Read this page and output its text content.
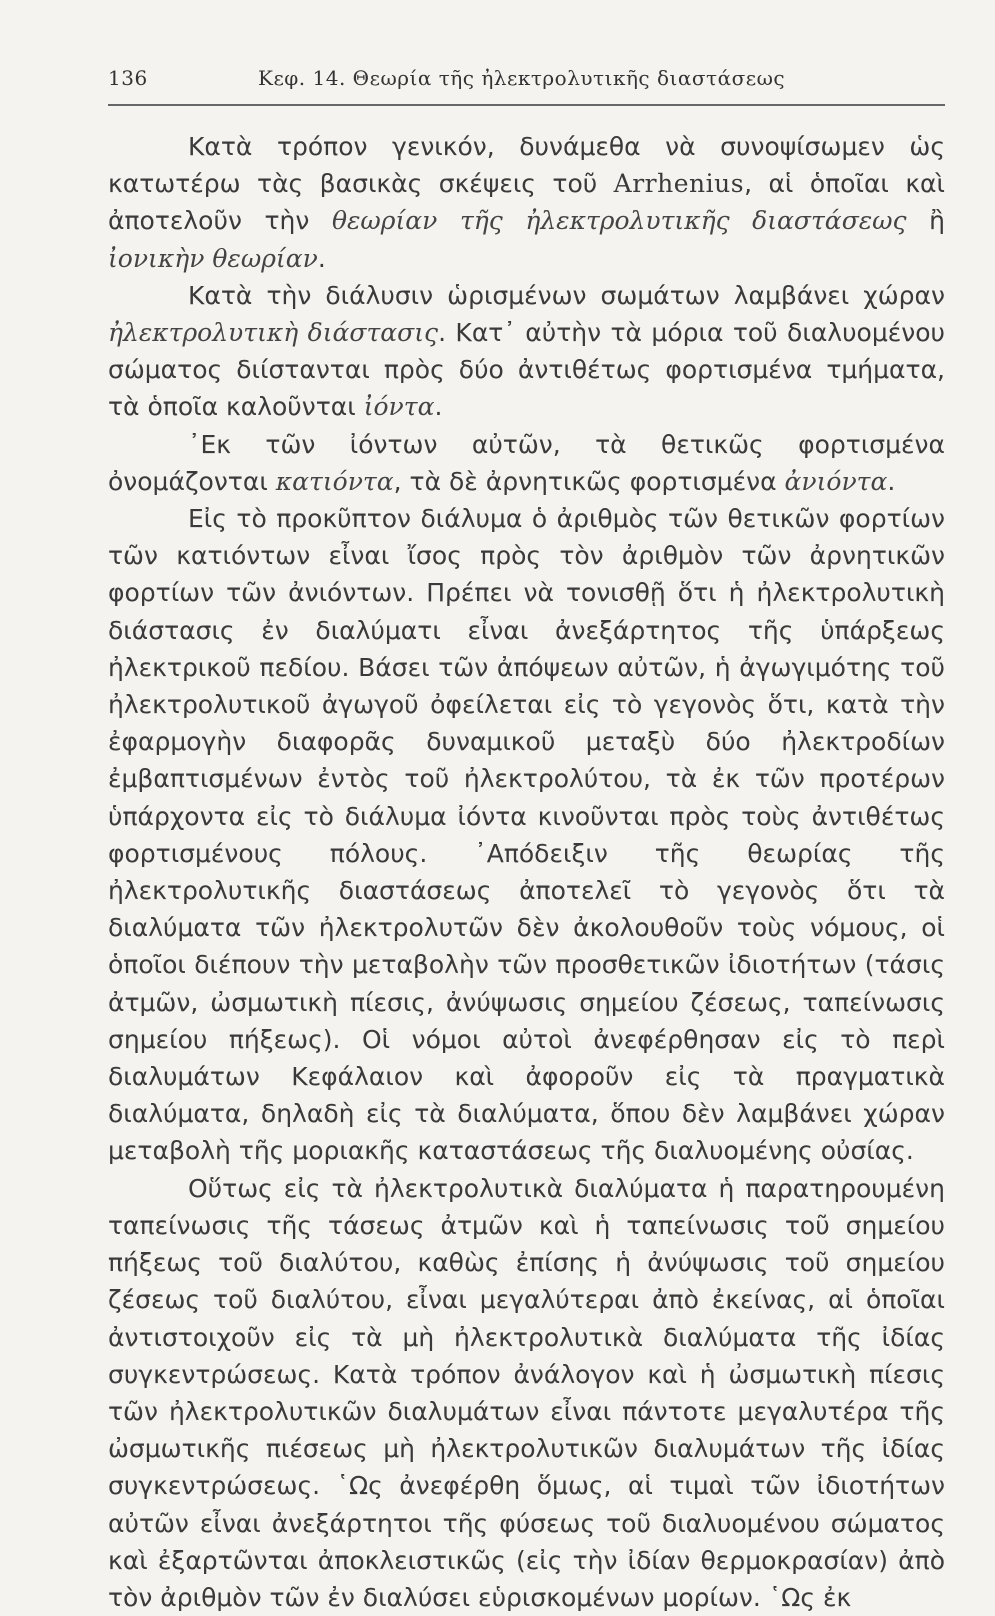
136	Κεφ. 14. Θεωρία τῆς ἠλεκτρολυτικῆς διαστάσεως

Κατὰ τρόπον γενικόν, δυνάμεθα νὰ συνοψίσωμεν ὡς κατωτέρω τὰς βασικὰς σκέψεις τοῦ Arrhenius, αἱ ὁποῖαι καὶ ἀποτελοῦν τὴν θεωρίαν τῆς ἠλεκτρολυτικῆς διαστάσεως ἢ ἰονικὴν θεωρίαν.

Κατὰ τὴν διάλυσιν ὡρισμένων σωμάτων λαμβάνει χώραν ἠλεκτρολυτικὴ διάστασις. Κατ᾿ αὐτὴν τὰ μόρια τοῦ διαλυομένου σώματος διίστανται πρὸς δύο ἀντιθέτως φορτισμένα τμήματα, τὰ ὁποῖα καλοῦνται ἰόντα.

᾿Εκ τῶν ἰόντων αὐτῶν, τὰ θετικῶς φορτισμένα ὀνομάζονται κατιόντα, τὰ δὲ ἀρνητικῶς φορτισμένα ἀνιόντα.

Εἰς τὸ προκῦπτον διάλυμα ὁ ἀριθμὸς τῶν θετικῶν φορτίων τῶν κατιόντων εἶναι ἴσος πρὸς τὸν ἀριθμὸν τῶν ἀρνητικῶν φορτίων τῶν ἀνιόντων. Πρέπει νὰ τονισθῇ ὅτι ἡ ἠλεκτρολυτικὴ διάστασις ἐν διαλύματι εἶναι ἀνεξάρτητος τῆς ὑπάρξεως ἠλεκτρικοῦ πεδίου. Βάσει τῶν ἀπόψεων αὐτῶν, ἡ ἀγωγιμότης τοῦ ἠλεκτρολυτικοῦ ἀγωγοῦ ὀφείλεται εἰς τὸ γεγονὸς ὅτι, κατὰ τὴν ἐφαρμογὴν διαφορᾶς δυναμικοῦ μεταξὺ δύο ἠλεκτροδίων ἐμβαπτισμένων ἐντὸς τοῦ ἠλεκτρολύτου, τὰ ἐκ τῶν προτέρων ὑπάρχοντα εἰς τὸ διάλυμα ἰόντα κινοῦνται πρὸς τοὺς ἀντιθέτως φορτισμένους πόλους. ᾿Απόδειξιν τῆς θεωρίας τῆς ἠλεκτρολυτικῆς διαστάσεως ἀποτελεῖ τὸ γεγονὸς ὅτι τὰ διαλύματα τῶν ἠλεκτρολυτῶν δὲν ἀκολουθοῦν τοὺς νόμους, οἱ ὁποῖοι διέπουν τὴν μεταβολὴν τῶν προσθετικῶν ἰδιοτήτων (τάσις ἀτμῶν, ὠσμωτικὴ πίεσις, ἀνύψωσις σημείου ζέσεως, ταπείνωσις σημείου πήξεως). Οἱ νόμοι αὐτοὶ ἀνεφέρθησαν εἰς τὸ περὶ διαλυμάτων Κεφάλαιον καὶ ἀφοροῦν εἰς τὰ πραγματικὰ διαλύματα, δηλαδὴ εἰς τὰ διαλύματα, ὅπου δὲν λαμβάνει χώραν μεταβολὴ τῆς μοριακῆς καταστάσεως τῆς διαλυομένης οὐσίας.

Οὕτως εἰς τὰ ἠλεκτρολυτικὰ διαλύματα ἡ παρατηρουμένη ταπείνωσις τῆς τάσεως ἀτμῶν καὶ ἡ ταπείνωσις τοῦ σημείου πήξεως τοῦ διαλύτου, καθὼς ἐπίσης ἡ ἀνύψωσις τοῦ σημείου ζέσεως τοῦ διαλύτου, εἶναι μεγαλύτεραι ἀπὸ ἐκείνας, αἱ ὁποῖαι ἀντιστοιχοῦν εἰς τὰ μὴ ἠλεκτρολυτικὰ διαλύματα τῆς ἰδίας συγκεντρώσεως. Κατὰ τρόπον ἀνάλογον καὶ ἡ ὠσμωτικὴ πίεσις τῶν ἠλεκτρολυτικῶν διαλυμάτων εἶναι πάντοτε μεγαλυτέρα τῆς ὠσμωτικῆς πιέσεως μὴ ἠλεκτρολυτικῶν διαλυμάτων τῆς ἰδίας συγκεντρώσεως. ῾Ως ἀνεφέρθη ὅμως, αἱ τιμαὶ τῶν ἰδιοτήτων αὐτῶν εἶναι ἀνεξάρτητοι τῆς φύσεως τοῦ διαλυομένου σώματος καὶ ἐξαρτῶνται ἀποκλειστικῶς (εἰς τὴν ἰδίαν θερμοκρασίαν) ἀπὸ τὸν ἀριθμὸν τῶν ἐν διαλύσει εὑρισκομένων μορίων. ῾Ως ἐκ
